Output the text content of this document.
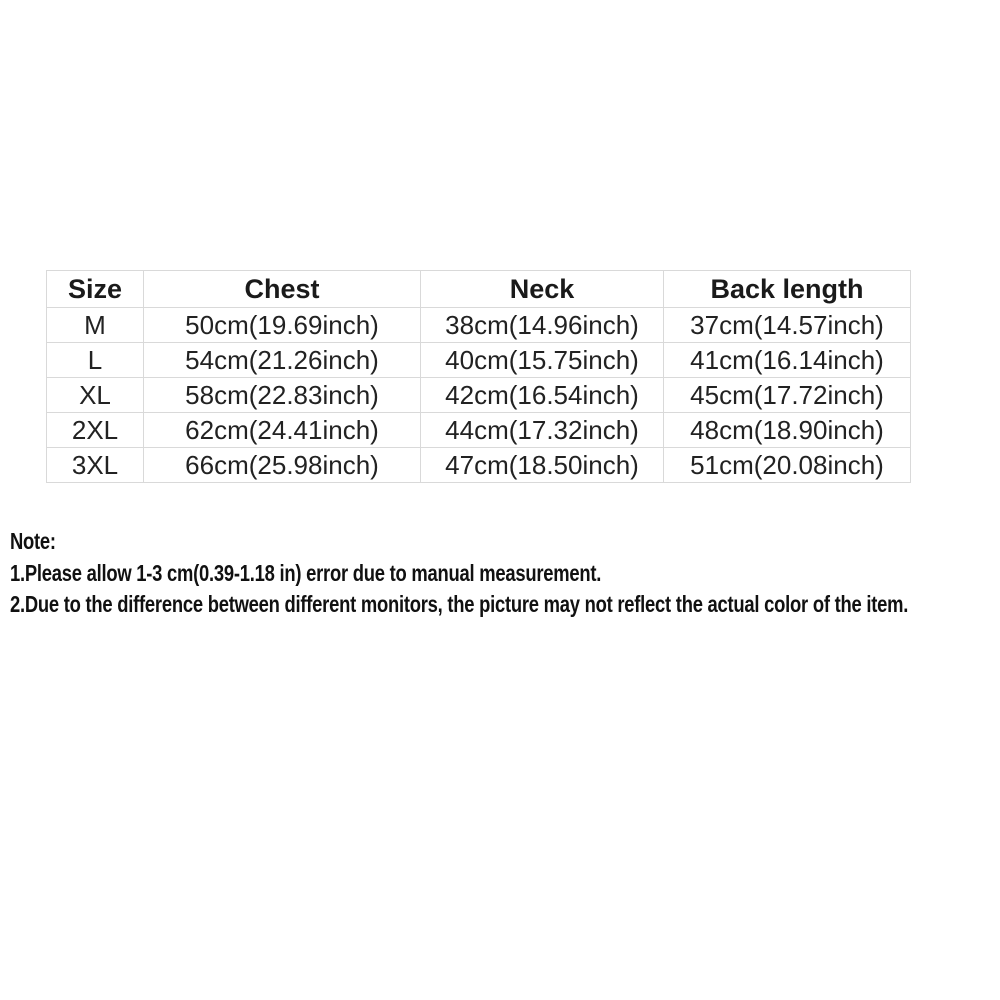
Size	Chest	Neck	Back length
M	50cm(19.69inch)	38cm(14.96inch)	37cm(14.57inch)
L	54cm(21.26inch)	40cm(15.75inch)	41cm(16.14inch)
XL	58cm(22.83inch)	42cm(16.54inch)	45cm(17.72inch)
2XL	62cm(24.41inch)	44cm(17.32inch)	48cm(18.90inch)
3XL	66cm(25.98inch)	47cm(18.50inch)	51cm(20.08inch)
Note:
1.Please allow 1-3 cm(0.39-1.18 in) error due to manual measurement.
2.Due to the difference between different monitors, the picture may not reflect the actual color of the item.
